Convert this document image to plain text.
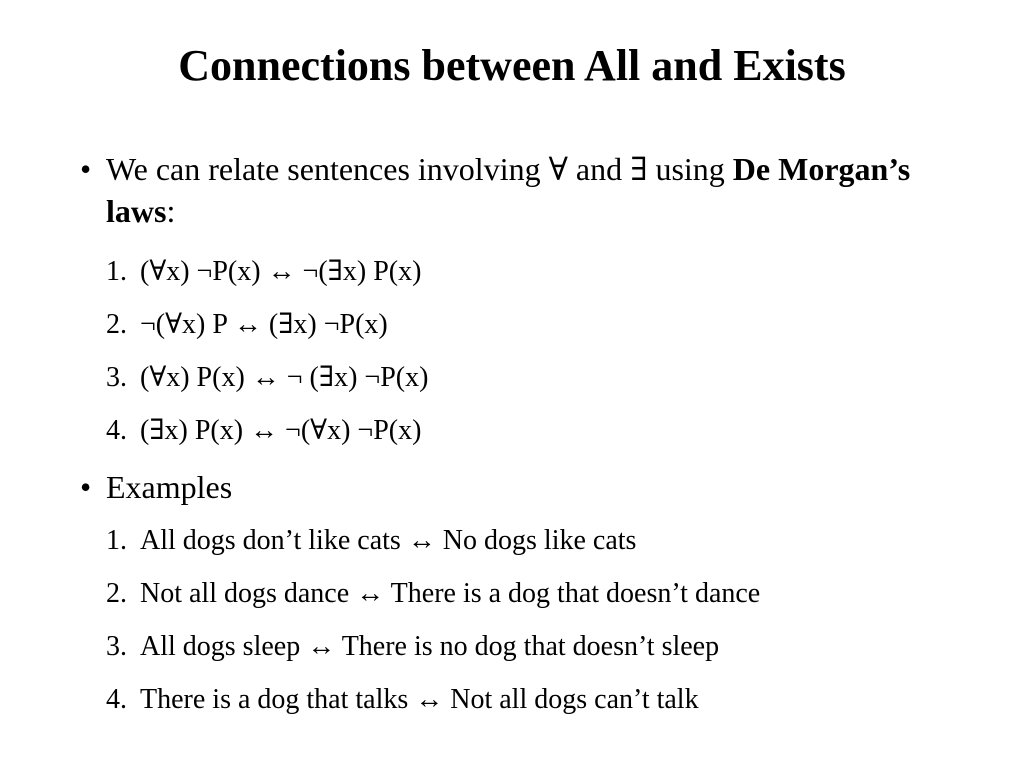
Connections between All and Exists
• We can relate sentences involving ∀ and ∃ using De Morgan’s laws:
1. (∀x) ¬P(x) ↔ ¬(∃x) P(x)
2. ¬(∀x) P ↔ (∃x) ¬P(x)
3. (∀x) P(x) ↔ ¬ (∃x) ¬P(x)
4. (∃x) P(x) ↔ ¬(∀x) ¬P(x)
• Examples
1. All dogs don’t like cats ↔ No dogs like cats
2. Not all dogs dance ↔ There is a dog that doesn’t dance
3. All dogs sleep ↔ There is no dog that doesn’t sleep
4. There is a dog that talks ↔ Not all dogs can’t talk
